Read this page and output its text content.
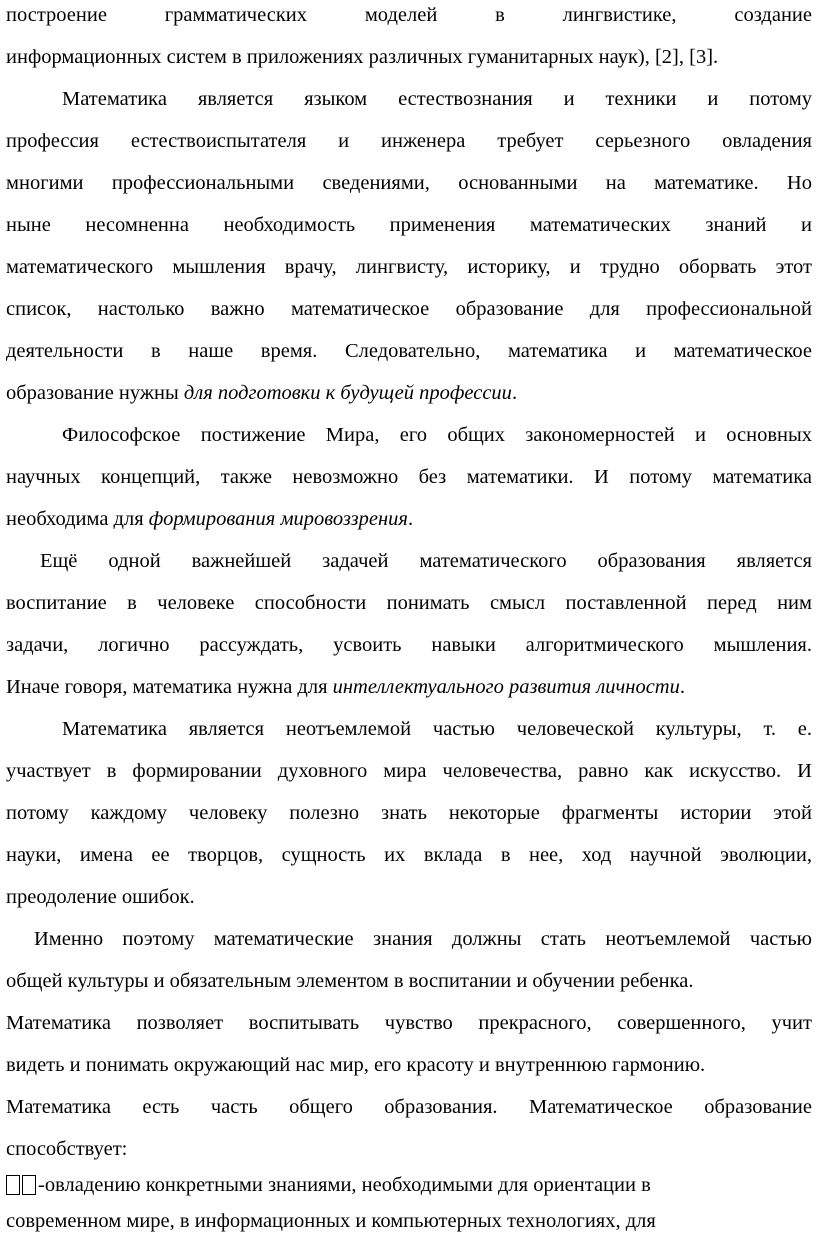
построение грамматических моделей в лингвистике, создание
информационных систем в приложениях различных гуманитарных наук), [2], [3].
Математика является языком естествознания и техники и потому
профессия естествоиспытателя и инженера требует серьезного овладения
многими профессиональными сведениями, основанными на математике. Но
ныне несомненна необходимость применения математических знаний и
математического мышления врачу, лингвисту, историку, и трудно оборвать этот
список, настолько важно математическое образование для профессиональной
деятельности в наше время. Следовательно, математика и математическое
образование нужны для подготовки к будущей профессии.
Философское постижение Мира, его общих закономерностей и основных
научных концепций, также невозможно без математики. И потому математика
необходима для формирования мировоззрения.
Ещё одной важнейшей задачей математического образования является
воспитание в человеке способности понимать смысл поставленной перед ним
задачи, логично рассуждать, усвоить навыки алгоритмического мышления.
Иначе говоря, математика нужна для интеллектуального развития личности.
Математика является неотъемлемой частью человеческой культуры, т. е.
участвует в формировании духовного мира человечества, равно как искусство. И
потому каждому человеку полезно знать некоторые фрагменты истории этой
науки, имена ее творцов, сущность их вклада в нее, ход научной эволюции,
преодоление ошибок.
Именно поэтому математические знания должны стать неотъемлемой частью
общей культуры и обязательным элементом в воспитании и обучении ребенка.
Математика позволяет воспитывать чувство прекрасного, совершенного, учит
видеть и понимать окружающий нас мир, его красоту и внутреннюю гармонию.
Математика есть часть общего образования. Математическое образование
способствует:
-овладению конкретными знаниями, необходимыми для ориентации в
современном мире, в информационных и компьютерных технологиях, для
